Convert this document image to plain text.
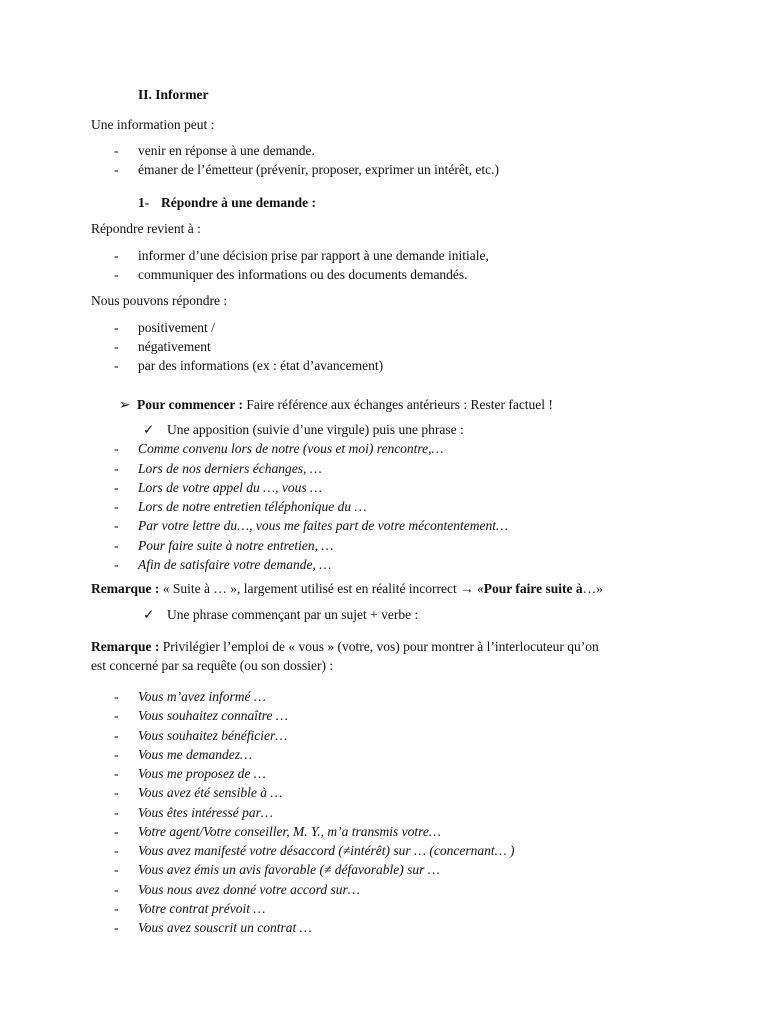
II. Informer
Une information peut :
- venir en réponse à une demande.
- émaner de l’émetteur (prévenir, proposer, exprimer un intérêt, etc.)
1- Répondre à une demande :
Répondre revient à :
- informer d’une décision prise par rapport à une demande initiale,
- communiquer des informations ou des documents demandés.
Nous pouvons répondre :
- positivement /
- négativement
- par des informations (ex : état d’avancement)
➢ Pour commencer : Faire référence aux échanges antérieurs : Rester factuel !
✓ Une apposition (suivie d’une virgule) puis une phrase :
- Comme convenu lors de notre (vous et moi) rencontre,…
- Lors de nos derniers échanges, …
- Lors de votre appel du …, vous …
- Lors de notre entretien téléphonique du …
- Par votre lettre du…, vous me faites part de votre mécontentement…
- Pour faire suite à notre entretien, …
- Afin de satisfaire votre demande, …
Remarque : « Suite à … », largement utilisé est en réalité incorrect → «Pour faire suite à…»
✓ Une phrase commençant par un sujet + verbe :
Remarque : Privilégier l’emploi de « vous » (votre, vos) pour montrer à l’interlocuteur qu’on
est concerné par sa requête (ou son dossier) :
- Vous m’avez informé …
- Vous souhaitez connaître …
- Vous souhaitez bénéficier…
- Vous me demandez…
- Vous me proposez de …
- Vous avez été sensible à …
- Vous êtes intéressé par…
- Votre agent/Votre conseiller, M. Y., m’a transmis votre…
- Vous avez manifesté votre désaccord (≠intérêt) sur … (concernant… )
- Vous avez émis un avis favorable (≠ défavorable) sur …
- Vous nous avez donné votre accord sur…
- Votre contrat prévoit …
- Vous avez souscrit un contrat …
